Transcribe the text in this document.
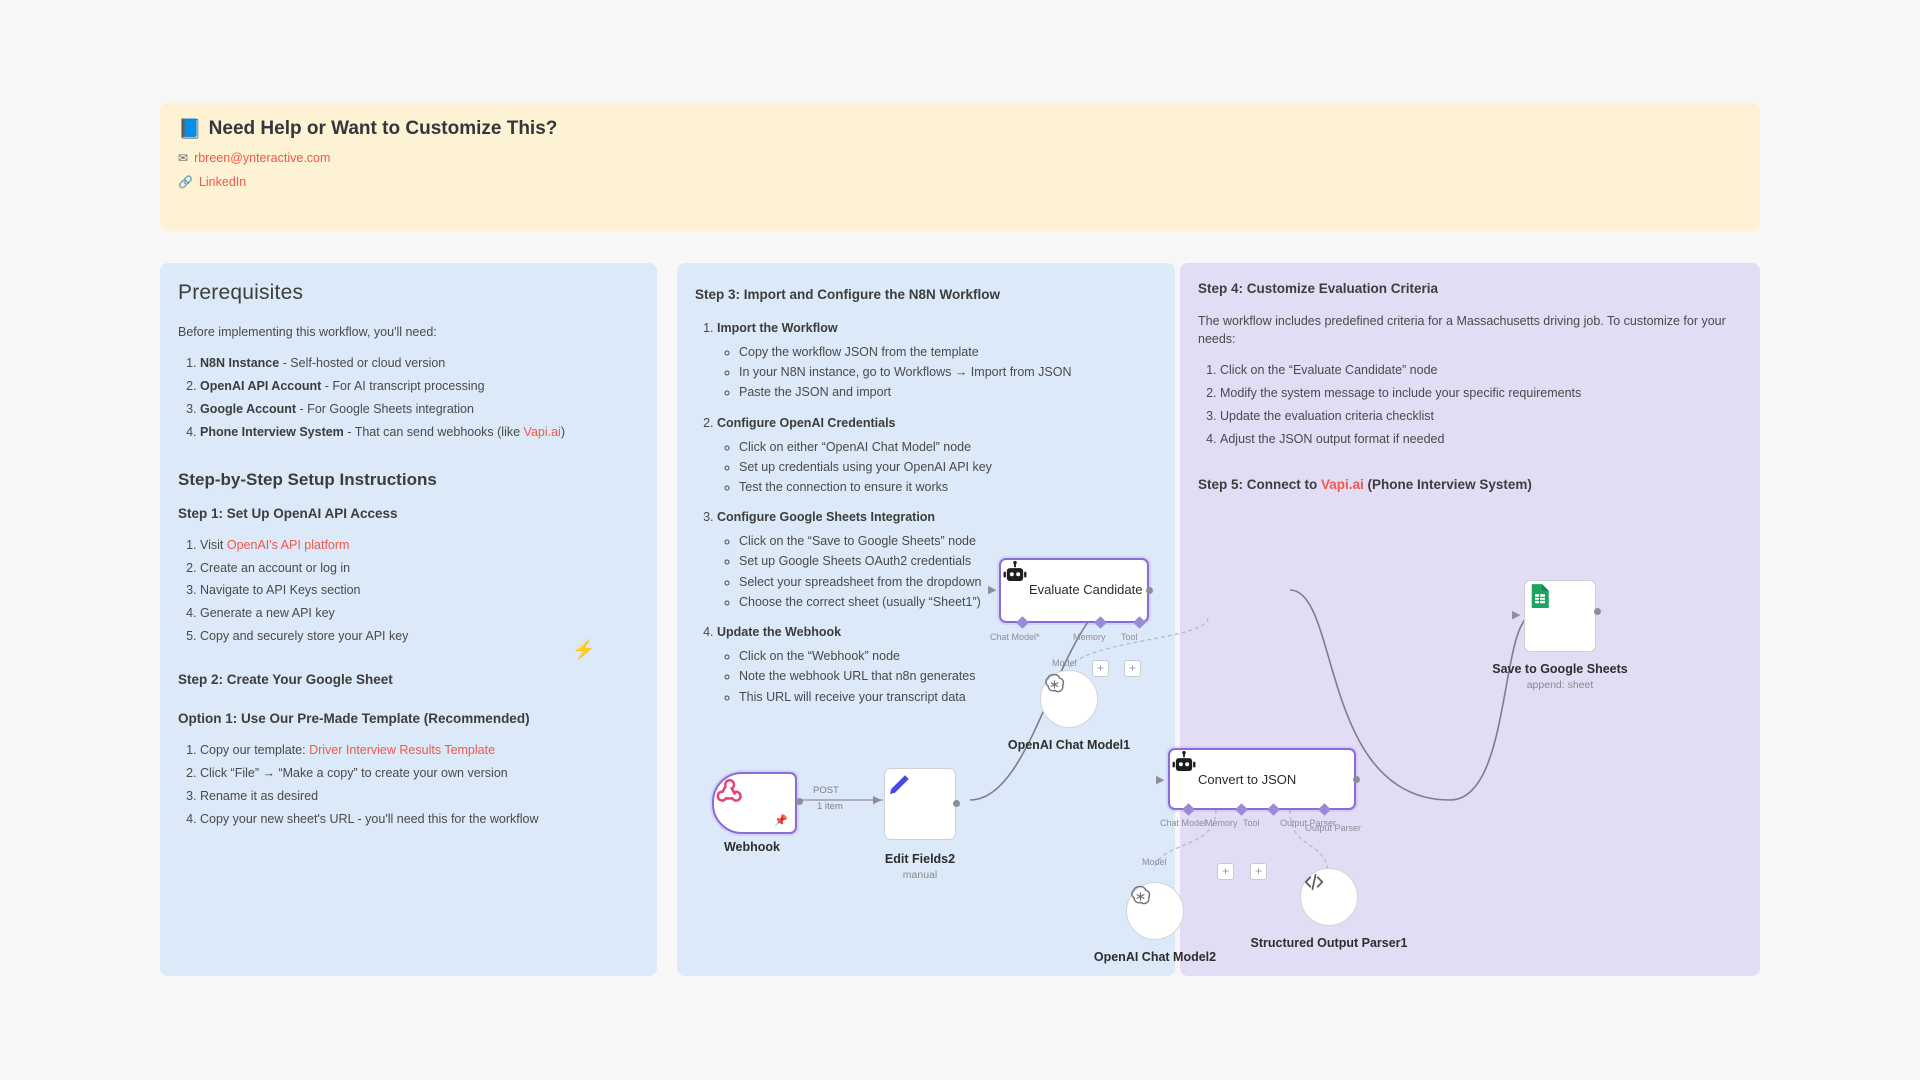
📘 Need Help or Want to Customize This?
✉ rbreen@ynteractive.com
🔗 LinkedIn
Prerequisites

Before implementing this workflow, you'll need:

1. N8N Instance - Self-hosted or cloud version
2. OpenAI API Account - For AI transcript processing
3. Google Account - For Google Sheets integration
4. Phone Interview System - That can send webhooks (like Vapi.ai)
Step-by-Step Setup Instructions
Step 1: Set Up OpenAI API Access
1. Visit OpenAI's API platform
2. Create an account or log in
3. Navigate to API Keys section
4. Generate a new API key
5. Copy and securely store your API key
Step 2: Create Your Google Sheet
Option 1: Use Our Pre-Made Template (Recommended)
1. Copy our template: Driver Interview Results Template
2. Click “File” → “Make a copy” to create your own version
3. Rename it as desired
4. Copy your new sheet's URL - you'll need this for the workflow
Step 3: Import and Configure the N8N Workflow
1. Import the Workflow
◦ Copy the workflow JSON from the template
◦ In your N8N instance, go to Workflows → Import from JSON
◦ Paste the JSON and import
2. Configure OpenAI Credentials
◦ Click on either “OpenAI Chat Model” node
◦ Set up credentials using your OpenAI API key
◦ Test the connection to ensure it works
3. Configure Google Sheets Integration
◦ Click on the “Save to Google Sheets” node
◦ Set up Google Sheets OAuth2 credentials
◦ Select your spreadsheet from the dropdown
◦ Choose the correct sheet (usually “Sheet1”)
4. Update the Webhook
◦ Click on the “Webhook” node
◦ Note the webhook URL that n8n generates
◦ This URL will receive your transcript data
Step 4: Customize Evaluation Criteria

The workflow includes predefined criteria for a Massachusetts driving job. To customize for your needs:

1. Click on the “Evaluate Candidate” node
2. Modify the system message to include your specific requirements
3. Update the evaluation criteria checklist
4. Adjust the JSON output format if needed
Step 5: Connect to Vapi.ai (Phone Interview System)
⚡
📌
Webhook
POST
1 item
▶
Edit Fields2
manual
▶	Evaluate Candidate
Chat Model*	Memory Tool
+	+
Model
OpenAI Chat Model1
▶	Convert to JSON
Chat Model
Memory Tool Output Parser
Output Parser
Model
+	+
OpenAI Chat Model2
Structured Output Parser1
▶
Save to Google Sheets
append: sheet
